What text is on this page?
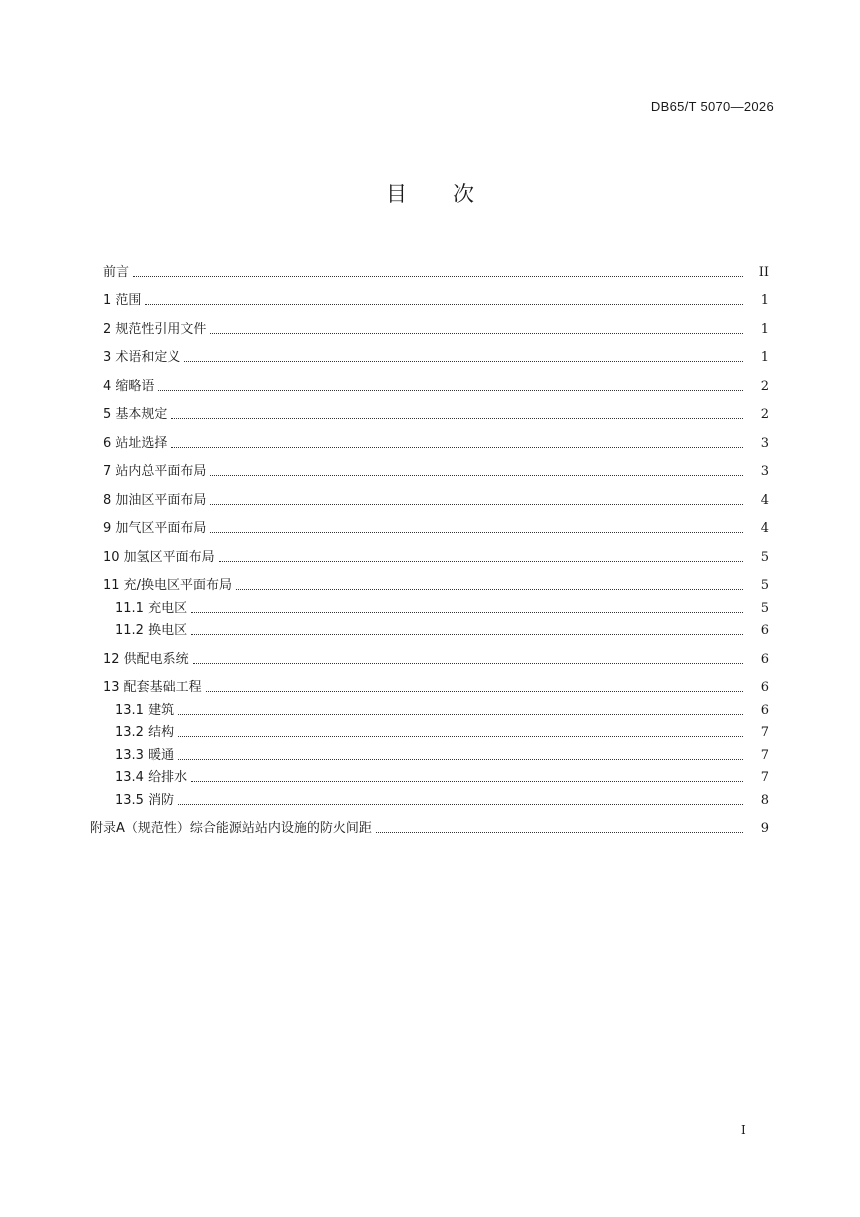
DB65/T 5070—2026
目 次
前言	II
1 范围	1
2 规范性引用文件	1
3 术语和定义	1
4 缩略语	2
5 基本规定	2
6 站址选择	3
7 站内总平面布局	3
8 加油区平面布局	4
9 加气区平面布局	4
10 加氢区平面布局	5
11 充/换电区平面布局	5
11.1 充电区	5
11.2 换电区	6
12 供配电系统	6
13 配套基础工程	6
13.1 建筑	6
13.2 结构	7
13.3 暖通	7
13.4 给排水	7
13.5 消防	8
附录A（规范性）综合能源站站内设施的防火间距	9
I
